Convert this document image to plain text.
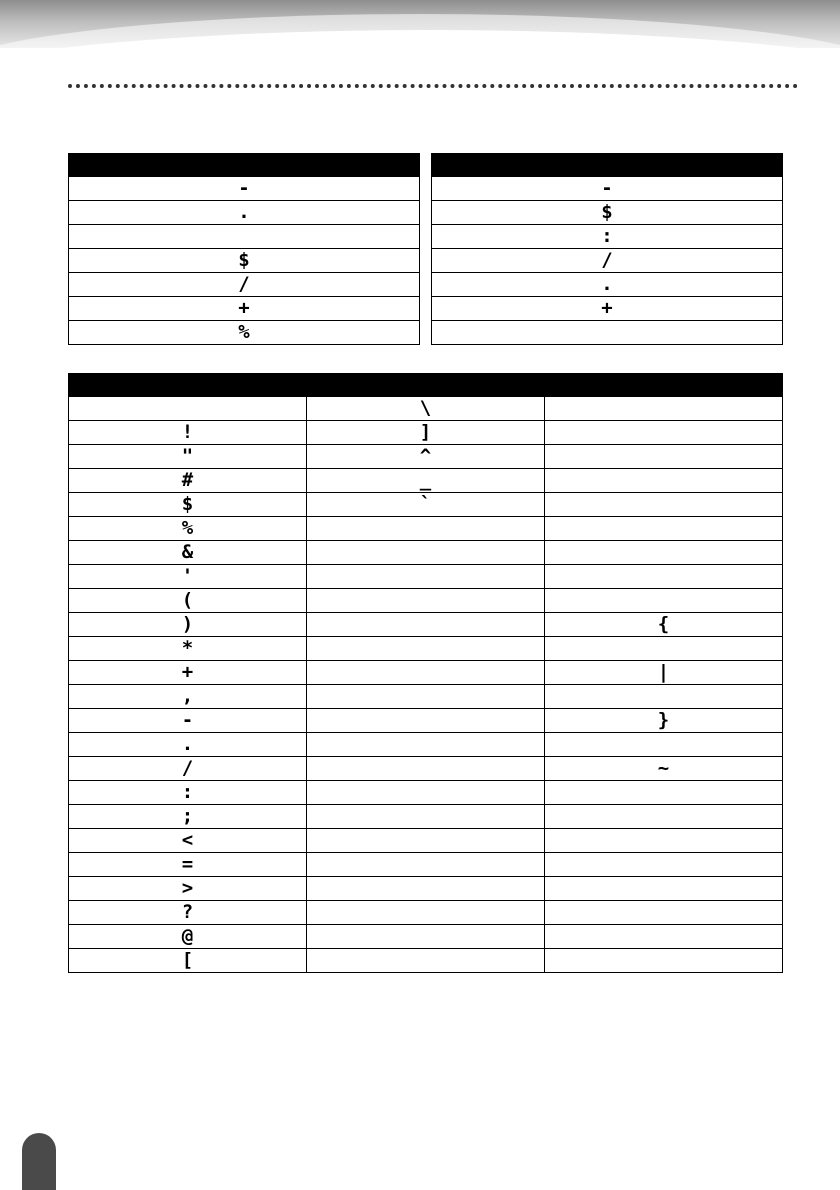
-
.

$
/
+
%

-
$
:
/
.
+

	\	
!	]	
"	^	
#	_	
$	`	
%		
&		
'		
(		
)		{
*		
+		|
,		
-		}
.		
/		~
:		
;		
<		
=		
>		
?		
@		
[		
